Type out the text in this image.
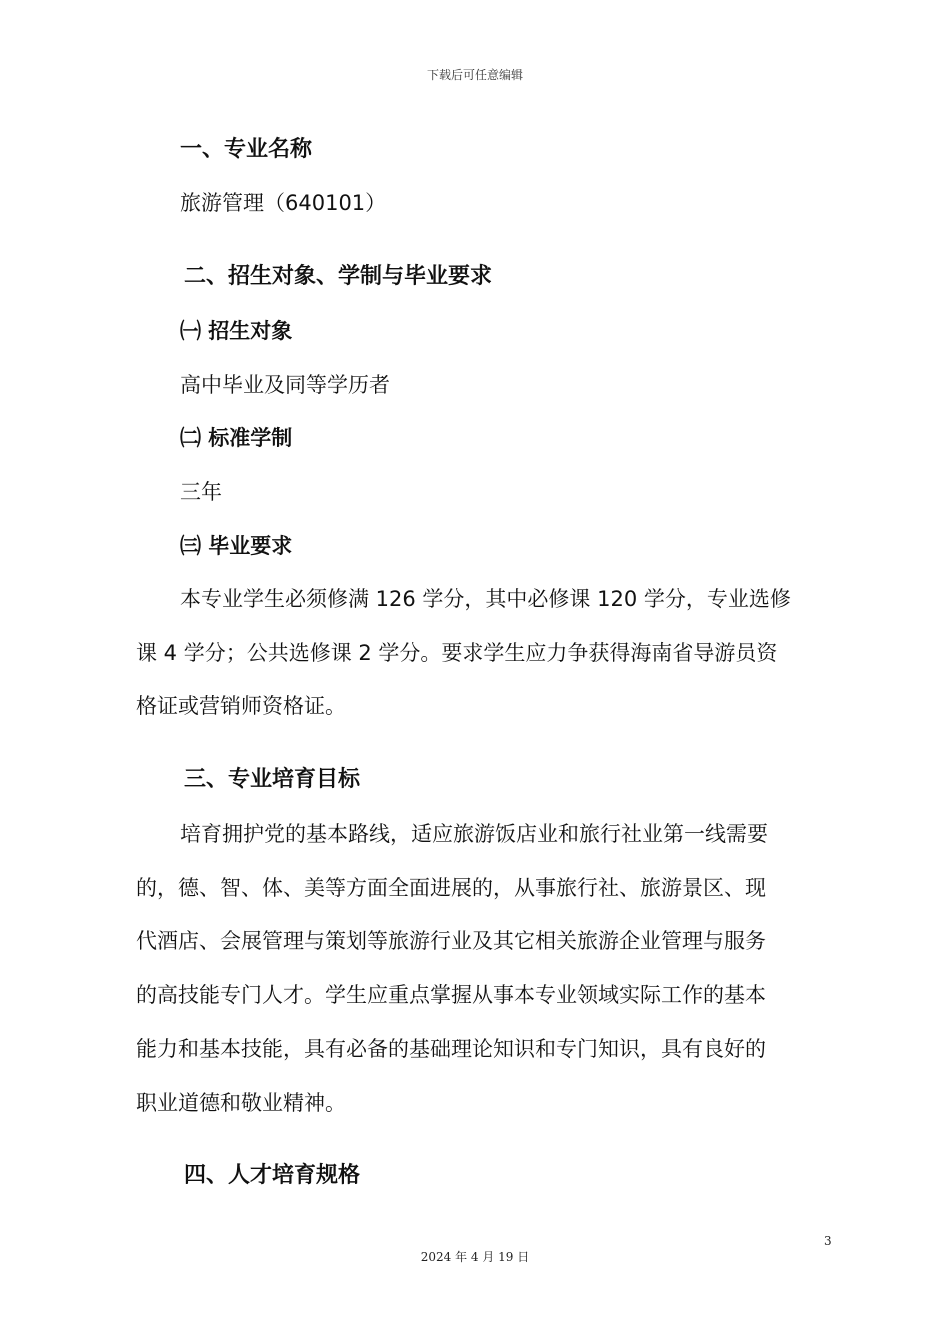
下载后可任意编辑
一、专业名称
旅游管理（640101）
二、招生对象、学制与毕业要求
㈠ 招生对象
高中毕业及同等学历者
㈡ 标准学制
三年
㈢ 毕业要求
本专业学生必须修满 126 学分，其中必修课 120 学分，专业选修
课 4 学分；公共选修课 2 学分。要求学生应力争获得海南省导游员资
格证或营销师资格证。
三、专业培育目标
培育拥护党的基本路线，适应旅游饭店业和旅行社业第一线需要
的，德、智、体、美等方面全面进展的，从事旅行社、旅游景区、现
代酒店、会展管理与策划等旅游行业及其它相关旅游企业管理与服务
的高技能专门人才。学生应重点掌握从事本专业领域实际工作的基本
能力和基本技能，具有必备的基础理论知识和专门知识，具有良好的
职业道德和敬业精神。
四、人才培育规格
3
2024 年 4 月 19 日
